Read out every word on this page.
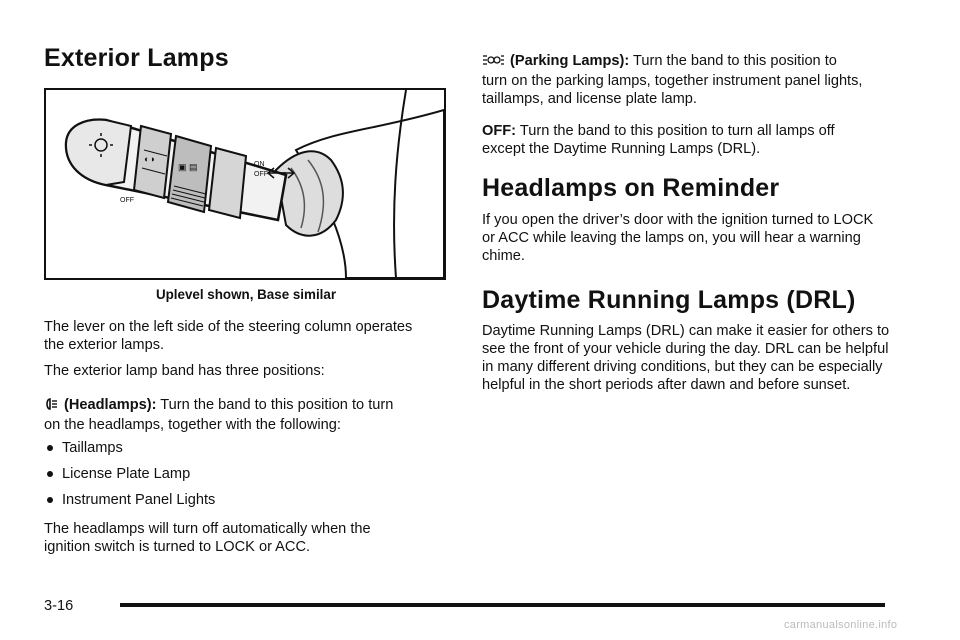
Exterior Lamps
◐◑
▣ ▤
OFF
ON
OFF
Uplevel shown, Base similar

The lever on the left side of the steering column operates the exterior lamps.

The exterior lamp band has three positions:

(Headlamps): Turn the band to this position to turn
on the headlamps, together with the following:

Taillamps
License Plate Lamp
Instrument Panel Lights

The headlamps will turn off automatically when the ignition switch is turned to LOCK or ACC.

(Parking Lamps): Turn the band to this position to
turn on the parking lamps, together instrument panel lights, taillamps, and license plate lamp.

OFF: Turn the band to this position to turn all lamps off
except the Daytime Running Lamps (DRL).

Headlamps on Reminder

If you open the driver’s door with the ignition turned to LOCK or ACC while leaving the lamps on, you will hear a warning chime.

Daytime Running Lamps (DRL)

Daytime Running Lamps (DRL) can make it easier for others to see the front of your vehicle during the day. DRL can be helpful in many different driving conditions, but they can be especially helpful in the short periods after dawn and before sunset.

3-16
carmanualsonline.info
